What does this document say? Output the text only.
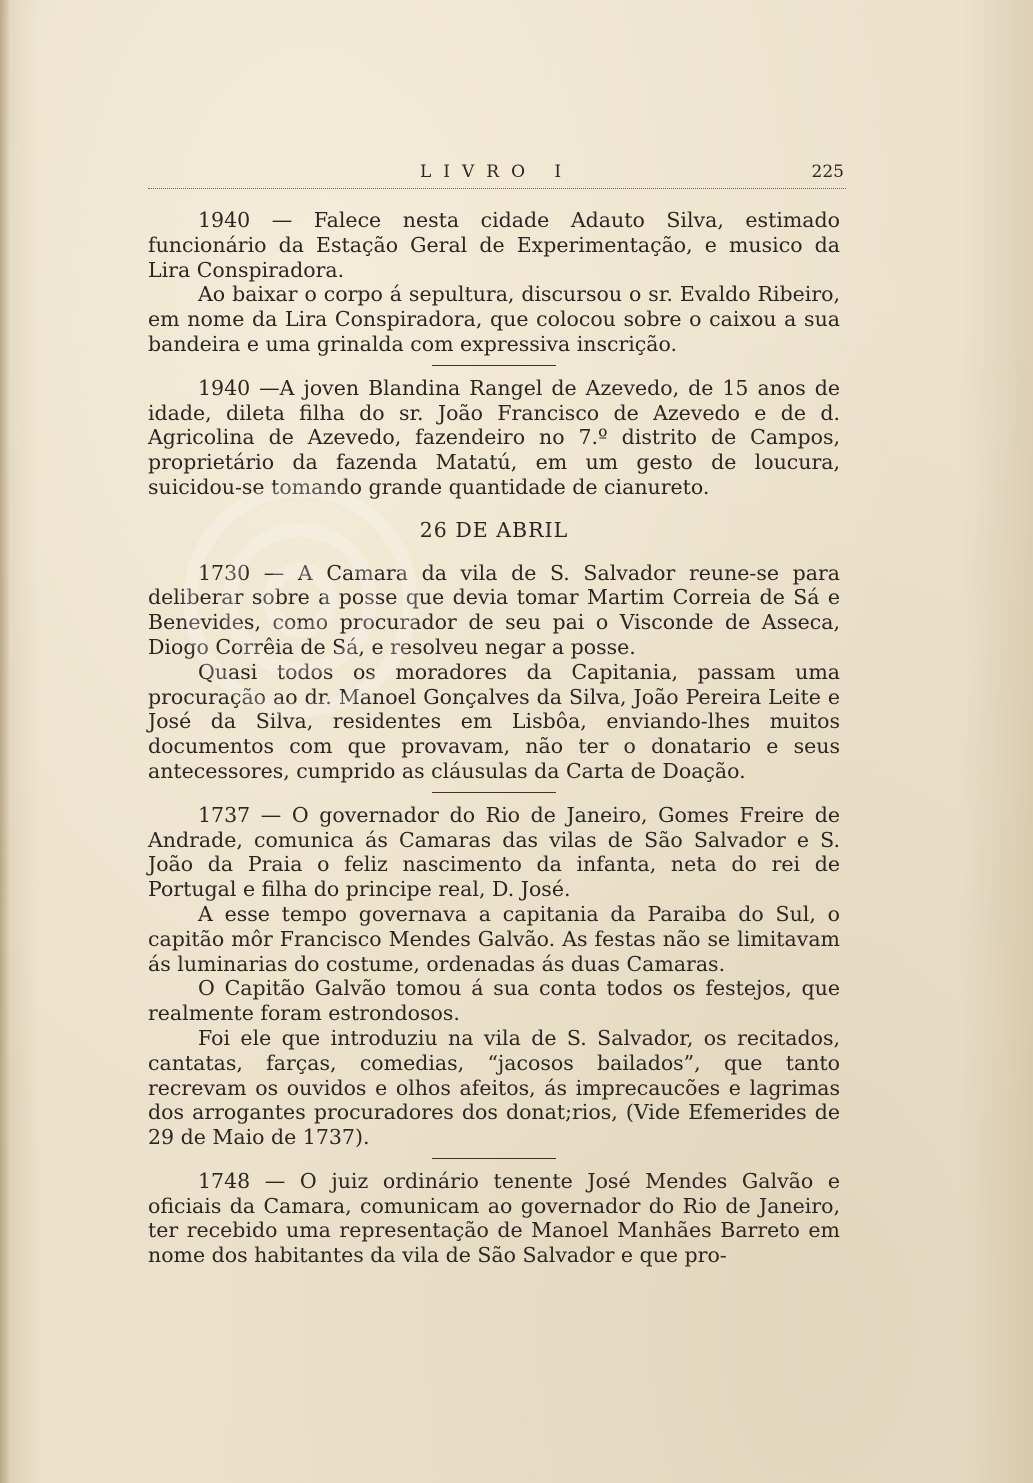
LIVRO I	225

1940 — Falece nesta cidade Adauto Silva, estimado funcionário da Estação Geral de Experimentação, e musico da Lira Conspiradora.

Ao baixar o corpo á sepultura, discursou o sr. Evaldo Ribeiro, em nome da Lira Conspiradora, que colocou sobre o caixou a sua bandeira e uma grinalda com expressiva inscrição.

1940 —A joven Blandina Rangel de Azevedo, de 15 anos de idade, dileta filha do sr. João Francisco de Azevedo e de d. Agricolina de Azevedo, fazendeiro no 7.º distrito de Campos, proprietário da fazenda Matatú, em um gesto de loucura, suicidou-se tomando grande quantidade de cianureto.

26 DE ABRIL

1730 — A Camara da vila de S. Salvador reune-se para deliberar sobre a posse que devia tomar Martim Correia de Sá e Benevides, como procurador de seu pai o Visconde de Asseca, Diogo Corrêia de Sá, e resolveu negar a posse.

Quasi todos os moradores da Capitania, passam uma procuração ao dr. Manoel Gonçalves da Silva, João Pereira Leite e José da Silva, residentes em Lisbôa, enviando-lhes muitos documentos com que provavam, não ter o donatario e seus antecessores, cumprido as cláusulas da Carta de Doação.

1737 — O governador do Rio de Janeiro, Gomes Freire de Andrade, comunica ás Camaras das vilas de São Salvador e S. João da Praia o feliz nascimento da infanta, neta do rei de Portugal e filha do principe real, D. José.

A esse tempo governava a capitania da Paraiba do Sul, o capitão môr Francisco Mendes Galvão. As festas não se limitavam ás luminarias do costume, ordenadas ás duas Camaras.

O Capitão Galvão tomou á sua conta todos os festejos, que realmente foram estrondosos.

Foi ele que introduziu na vila de S. Salvador, os recitados, cantatas, farças, comedias, “jacosos bailados”, que tanto recrevam os ouvidos e olhos afeitos, ás imprecaucões e lagrimas dos arrogantes procuradores dos donat;rios, (Vide Efemerides de 29 de Maio de 1737).

1748 — O juiz ordinário tenente José Mendes Galvão e oficiais da Camara, comunicam ao governador do Rio de Janeiro, ter recebido uma representação de Manoel Manhães Barreto em nome dos habitantes da vila de São Salvador e que pro-
